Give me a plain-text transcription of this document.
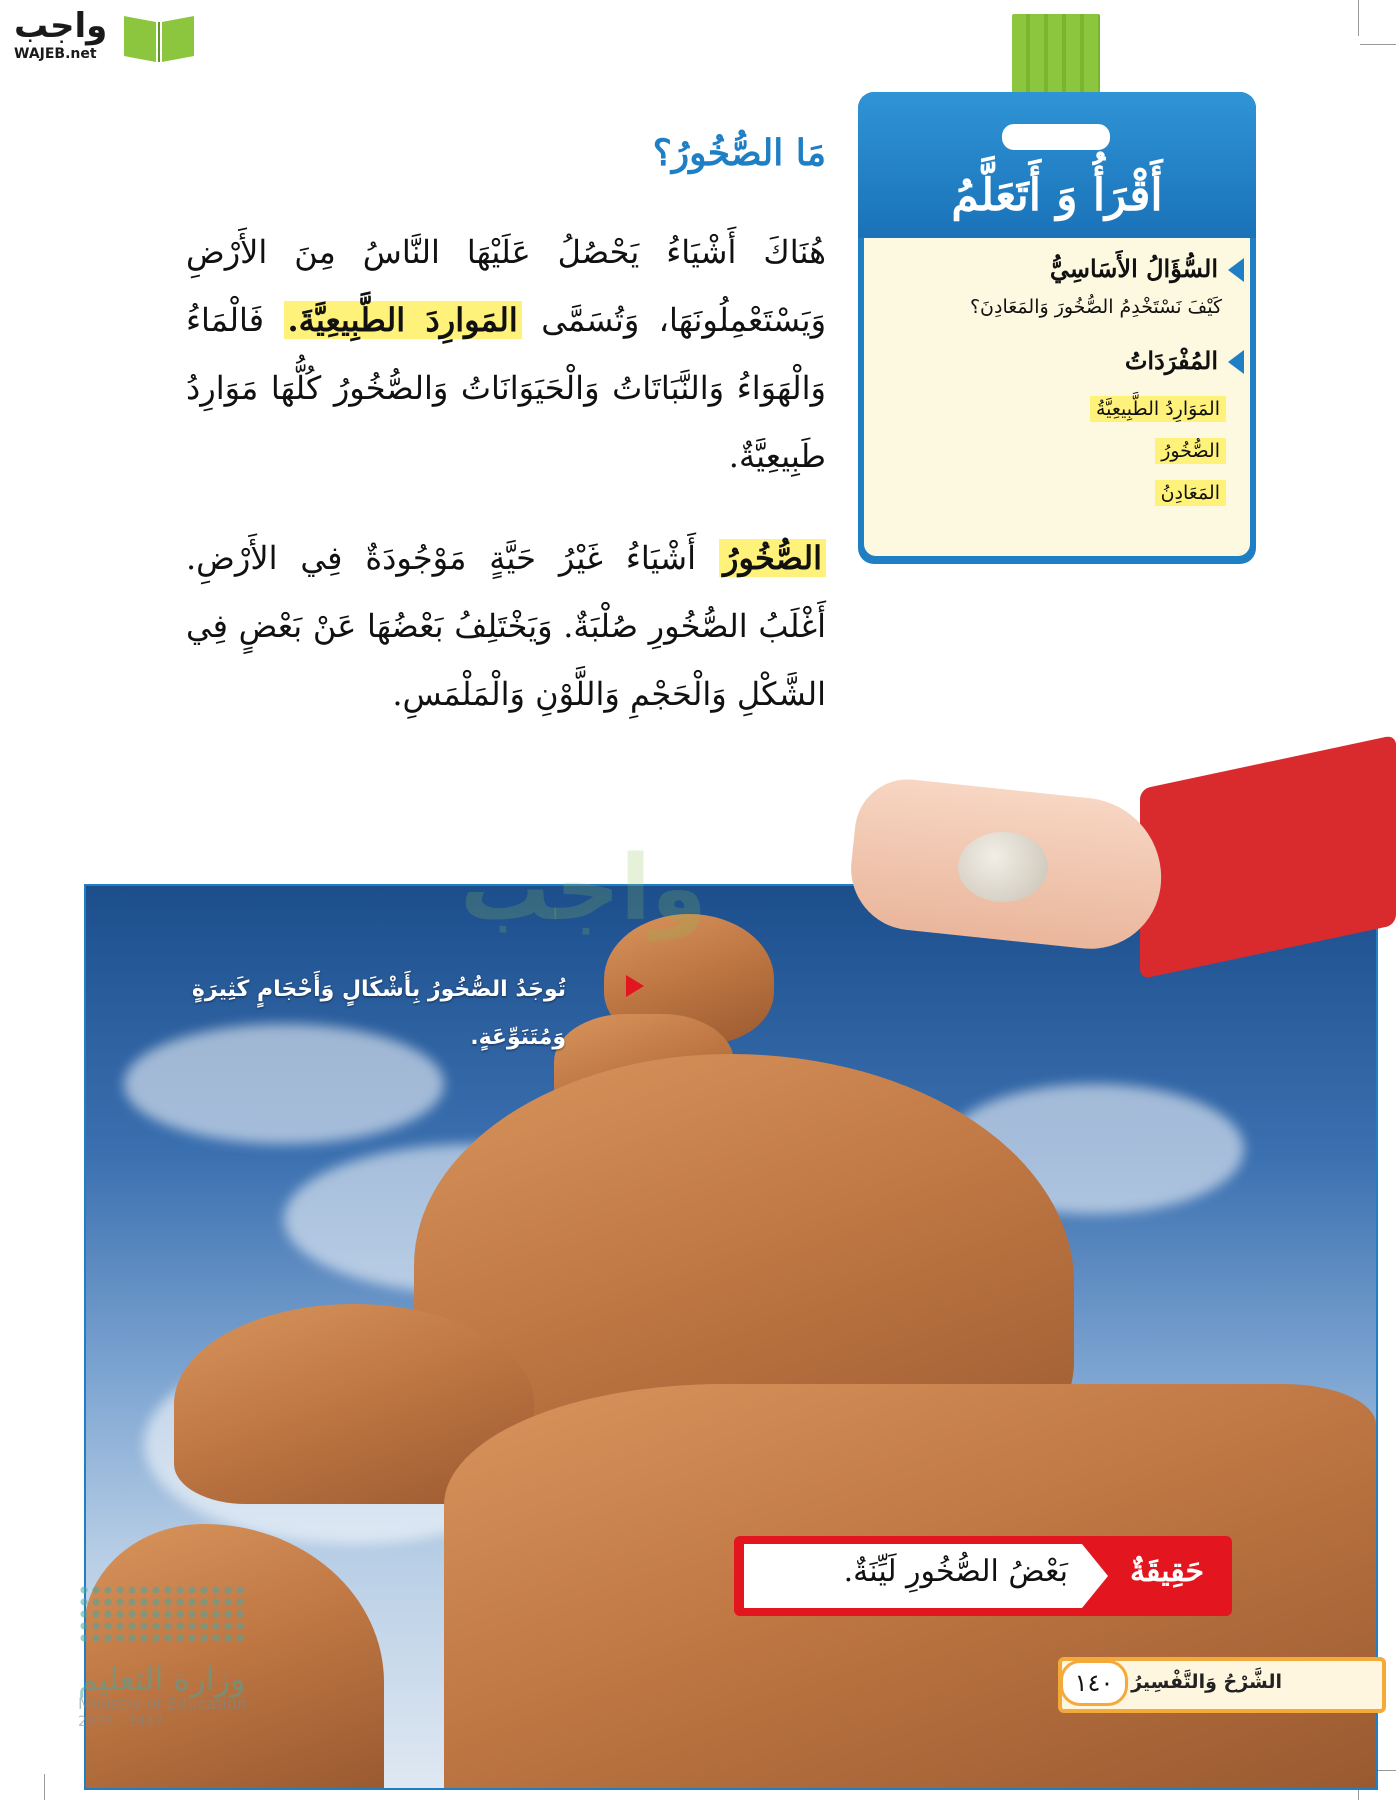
واجب
WAJEB.net
أَقْرَأُ وَ أَتَعَلَّمُ
السُّؤَالُ الأَسَاسِيُّ
كَيْفَ نَسْتَخْدِمُ الصُّخُورَ وَالمَعَادِنَ؟
المُفْرَدَاتُ
المَوَارِدُ الطَّبِيعِيَّةُ
الصُّخُورُ
المَعَادِنُ
مَا الصُّخُورُ؟
هُنَاكَ أَشْيَاءُ يَحْصُلُ عَلَيْهَا النَّاسُ مِنَ الأَرْضِ وَيَسْتَعْمِلُونَهَا، وَتُسَمَّى المَوارِدَ الطَّبِيعِيَّةَ. فَالْمَاءُ وَالْهَوَاءُ وَالنَّبَاتَاتُ وَالْحَيَوَانَاتُ وَالصُّخُورُ كُلُّهَا مَوَارِدُ طَبِيعِيَّةٌ.
الصُّخُورُ أَشْيَاءُ غَيْرُ حَيَّةٍ مَوْجُودَةٌ فِي الأَرْضِ. أَغْلَبُ الصُّخُورِ صُلْبَةٌ. وَيَخْتَلِفُ بَعْضُهَا عَنْ بَعْضٍ فِي الشَّكْلِ وَالْحَجْمِ وَاللَّوْنِ وَالْمَلْمَسِ.
واجب
تُوجَدُ الصُّخُورُ بِأَشْكَالٍ وَأَحْجَامٍ كَثِيرَةٍ وَمُتَنَوِّعَةٍ.
حَقِيقَةٌ
بَعْضُ الصُّخُورِ لَيِّنَةٌ.
الشَّرْحُ وَالتَّفْسِيرُ
١٤٠
وزارة التعليم
Ministry of Education
2025 - 1447
